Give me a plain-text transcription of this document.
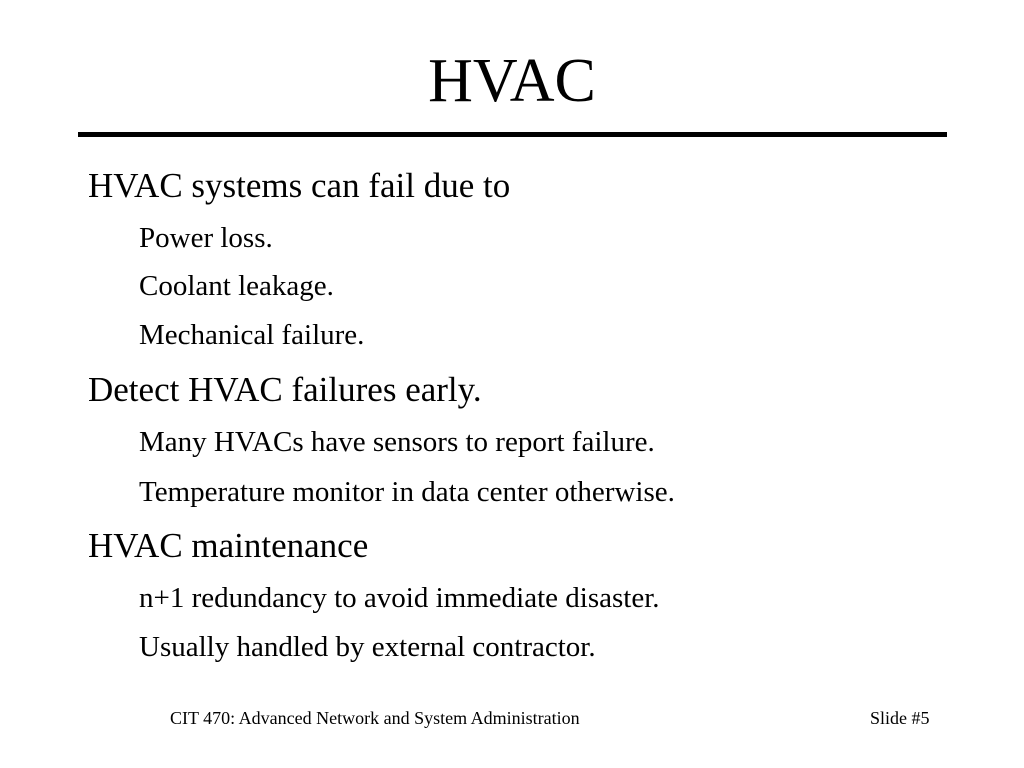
HVAC
HVAC systems can fail due to
Power loss.
Coolant leakage.
Mechanical failure.
Detect HVAC failures early.
Many HVACs have sensors to report failure.
Temperature monitor in data center otherwise.
HVAC maintenance
n+1 redundancy to avoid immediate disaster.
Usually handled by external contractor.
CIT 470: Advanced Network and System Administration	Slide #5
